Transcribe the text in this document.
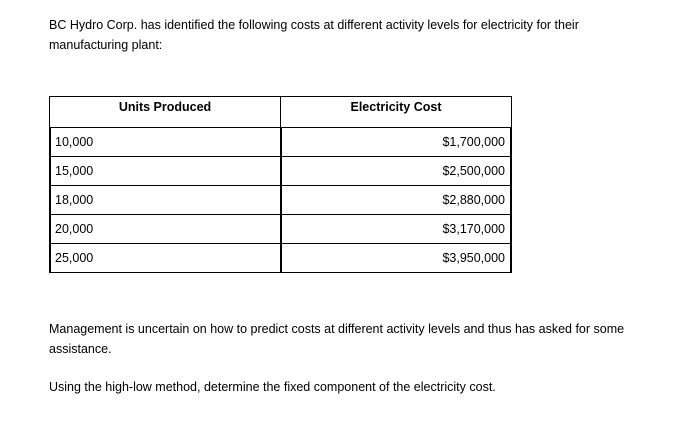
BC Hydro Corp. has identified the following costs at different activity levels for electricity for their manufacturing plant:

Units Produced	Electricity Cost
10,000	$1,700,000
15,000	$2,500,000
18,000	$2,880,000
20,000	$3,170,000
25,000	$3,950,000

Management is uncertain on how to predict costs at different activity levels and thus has asked for some assistance.

Using the high-low method, determine the fixed component of the electricity cost.
